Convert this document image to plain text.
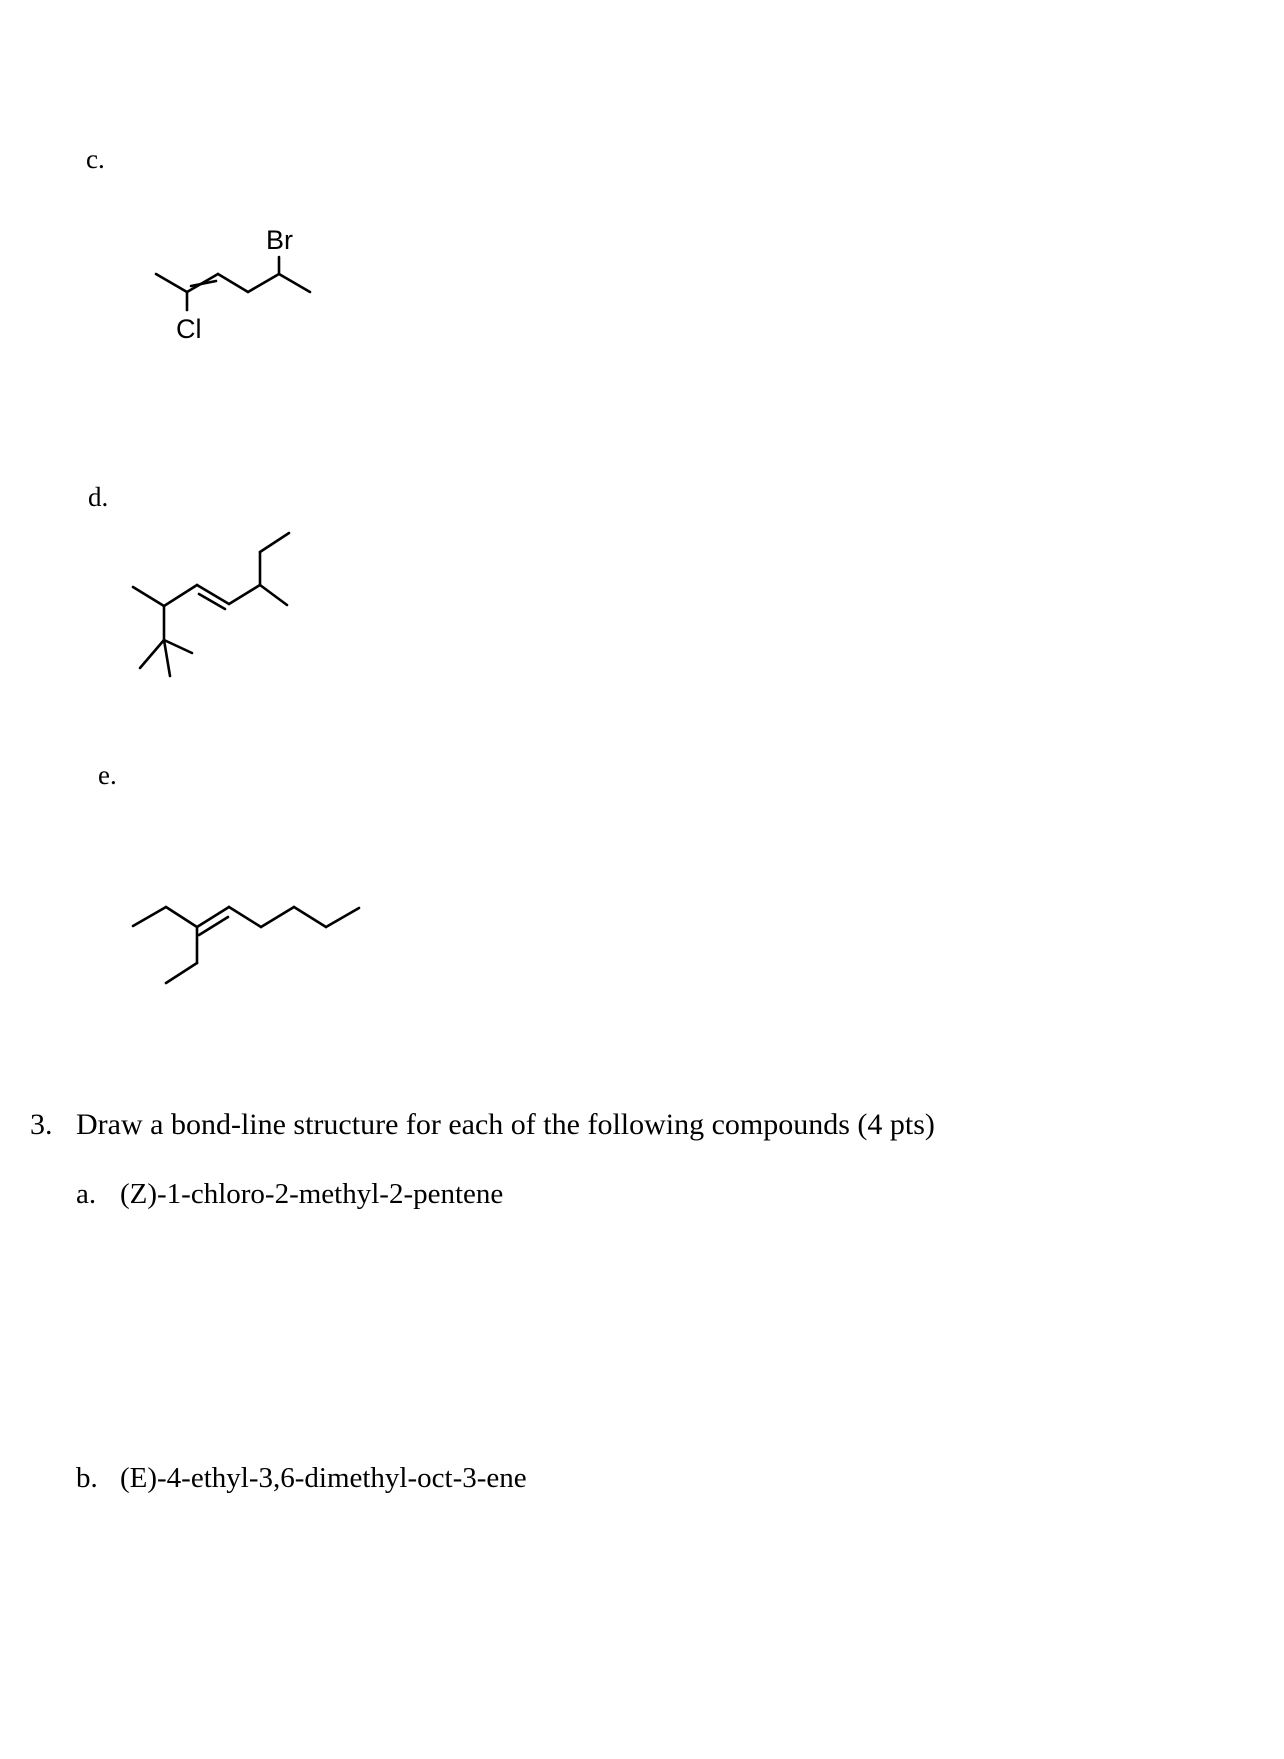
c.
d.
e.
Br
Cl
3. Draw a bond-line structure for each of the following compounds (4 pts)
a. (Z)-1-chloro-2-methyl-2-pentene
b. (E)-4-ethyl-3,6-dimethyl-oct-3-ene
